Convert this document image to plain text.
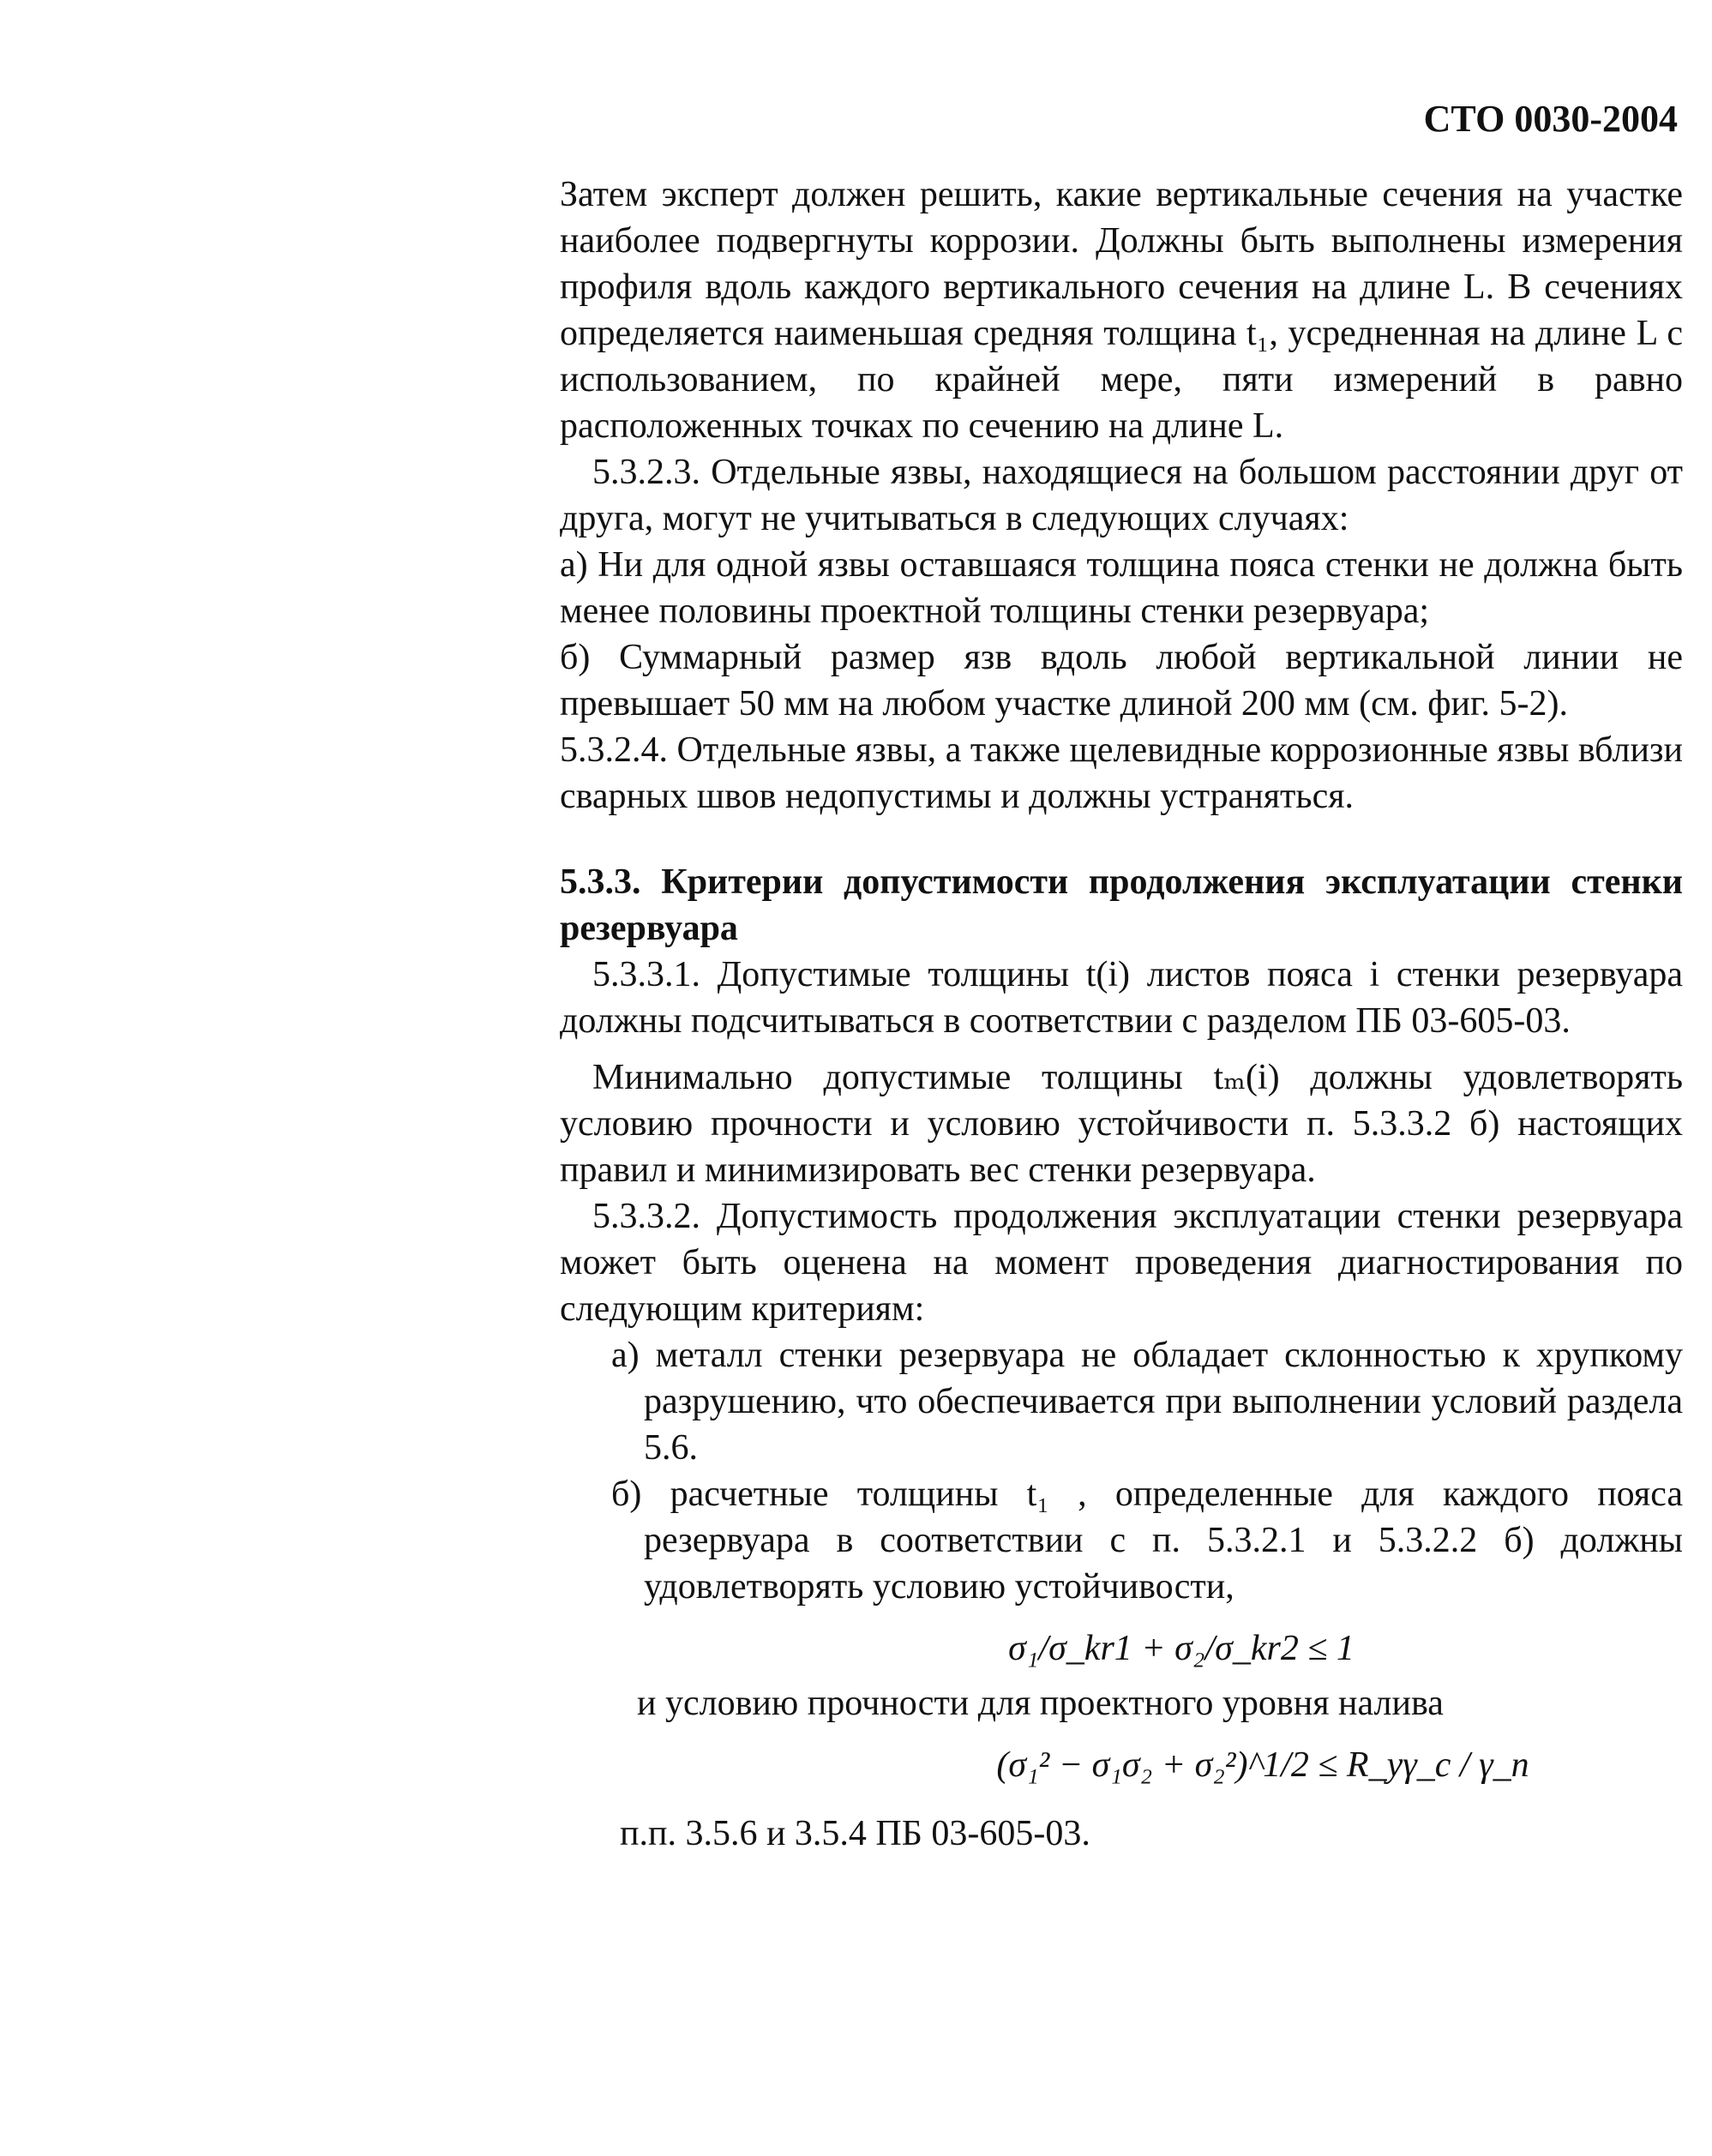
СТО 0030-2004

Затем эксперт должен решить, какие вертикальные сечения на участке наиболее подвергнуты коррозии. Должны быть выполнены измерения профиля вдоль каждого вертикального сечения на длине L. В сечениях определяется наименьшая средняя толщина t₁, усредненная на длине L с использованием, по крайней мере, пяти измерений в равно расположенных точках по сечению на длине L.

5.3.2.3. Отдельные язвы, находящиеся на большом расстоянии друг от друга, могут не учитываться в следующих случаях:

а) Ни для одной язвы оставшаяся толщина пояса стенки не должна быть менее половины проектной толщины стенки резервуара;

б) Суммарный размер язв вдоль любой вертикальной линии не превышает 50 мм на любом участке длиной 200 мм (см. фиг. 5-2).

5.3.2.4. Отдельные язвы, а также щелевидные коррозионные язвы вблизи сварных швов недопустимы и должны устраняться.

5.3.3. Критерии допустимости продолжения эксплуатации стенки резервуара

5.3.3.1. Допустимые толщины t(i) листов пояса i стенки резервуара должны подсчитываться в соответствии с разделом ПБ 03-605-03.

Минимально допустимые толщины tₘ(i) должны удовлетворять условию прочности и условию устойчивости п. 5.3.3.2 б) настоящих правил и минимизировать вес стенки резервуара.

5.3.3.2. Допустимость продолжения эксплуатации стенки резервуара может быть оценена на момент проведения диагностирования по следующим критериям:

а) металл стенки резервуара не обладает склонностью к хрупкому разрушению, что обеспечивается при выполнении условий раздела 5.6.

б) расчетные толщины t₁ , определенные для каждого пояса резервуара в соответствии с п. 5.3.2.1 и 5.3.2.2 б) должны удовлетворять условию устойчивости,

σ₁/σ_kr1 + σ₂/σ_kr2 ≤ 1

и условию прочности для проектного уровня налива

(σ₁² − σ₁σ₂ + σ₂²)^1/2 ≤ R_yγ_c / γ_n

п.п. 3.5.6 и 3.5.4 ПБ 03-605-03.
